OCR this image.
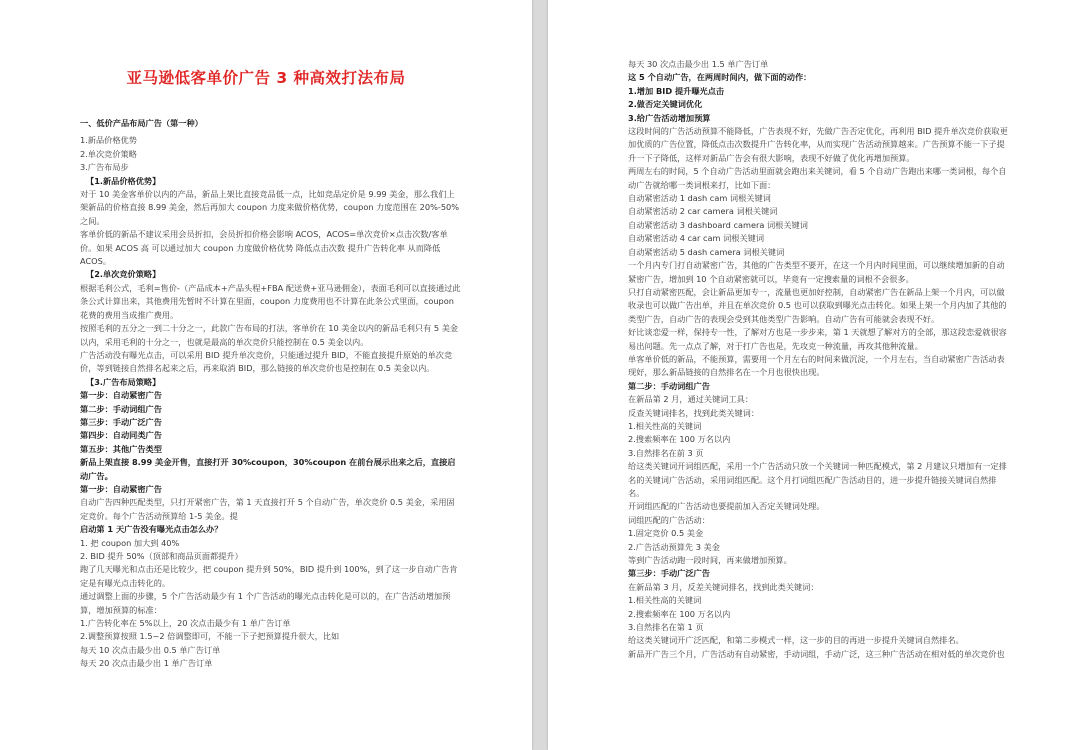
亚马逊低客单价广告 3 种高效打法布局
一、低价产品布局广告（第一种）
1.新品价格优势
2.单次竞价策略
3.广告布局步
【1.新品价格优势】
对于 10 美金客单价以内的产品，新品上架比直接竞品低一点，比如竞品定价是 9.99 美金，那么我们上架新品的价格直接 8.99 美金，然后再加大 coupon 力度来做价格优势，coupon 力度范围在 20%-50%之间。
客单价低的新品不建议采用会员折扣，会员折扣价格会影响 ACOS，ACOS=单次竞价×点击次数/客单价。如果 ACOS 高 可以通过加大 coupon 力度做价格优势 降低点击次数 提升广告转化率 从而降低 ACOS。
【2.单次竞价策略】
根据毛利公式，毛利=售价-（产品成本+产品头程+FBA 配送费+亚马逊佣金），表面毛利可以直接通过此条公式计算出来，其他费用先暂时不计算在里面，coupon 力度费用也不计算在此条公式里面，coupon 花费的费用当成推广费用。
按照毛利的五分之一到二十分之一，此款广告布局的打法，客单价在 10 美金以内的新品毛利只有 5 美金以内，采用毛利的十分之一，也就是最高的单次竞价只能控制在 0.5 美金以内。
广告活动没有曝光点击，可以采用 BID 提升单次竞价，只能通过提升 BID，不能直接提升原始的单次竞价，等到链接自然排名起来之后，再来取消 BID，那么链接的单次竞价也是控制在 0.5 美金以内。
【3.广告布局策略】
第一步：自动紧密广告
第二步：手动词组广告
第三步：手动广泛广告
第四步：自动同类广告
第五步：其他广告类型
新品上架直接 8.99 美金开售，直接打开 30%coupon，30%coupon 在前台展示出来之后，直接启动广告。
第一步：自动紧密广告
自动广告四种匹配类型，只打开紧密广告，第 1 天直接打开 5 个自动广告，单次竞价 0.5 美金，采用固定竞价。每个广告活动预算给 1-5 美金。提
启动第 1 天广告没有曝光点击怎么办？
1. 把 coupon 加大到 40%
2. BID 提升 50%（顶部和商品页面都提升）
跑了几天曝光和点击还是比较少，把 coupon 提升到 50%，BID 提升到 100%，到了这一步自动广告肯定是有曝光点击转化的。
通过调整上面的步骤，5 个广告活动最少有 1 个广告活动的曝光点击转化是可以的，在广告活动增加预算，增加预算的标准：
1.广告转化率在 5%以上，20 次点击最少有 1 单广告订单
2.调整预算按照 1.5~2 倍调整即可，不能一下子把预算提升很大，比如
每天 10 次点击最少出 0.5 单广告订单
每天 20 次点击最少出 1 单广告订单
每天 30 次点击最少出 1.5 单广告订单
这 5 个自动广告，在两周时间内，做下面的动作：
1.增加 BID 提升曝光点击
2.做否定关键词优化
3.给广告活动增加预算
这段时间的广告活动预算不能降低，广告表现不好，先做广告否定优化，再利用 BID 提升单次竞价获取更加优质的广告位置，降低点击次数提升广告转化率，从而实现广告活动预算越来。广告预算不能一下子提升一下子降低，这样对新品广告会有很大影响，表现不好做了优化再增加预算。
两周左右的时间，5 个自动广告活动里面就会跑出来关键词，看 5 个自动广告跑出来哪一类词根，每个自动广告就给哪一类词根来打，比如下面：
自动紧密活动 1 dash cam 词根关键词
自动紧密活动 2 car camera 词根关键词
自动紧密活动 3 dashboard camera 词根关键词
自动紧密活动 4 car cam 词根关键词
自动紧密活动 5 dash camera 词根关键词
一个月内专门打自动紧密广告，其他的广告类型不要开，在这一个月内时间里面，可以继续增加新的自动紧密广告，增加到 10 个自动紧密就可以，毕竟有一定搜索量的词根不会很多。
只打自动紧密匹配，会让新品更加专一，流量也更加好控制，自动紧密广告在新品上架一个月内，可以做收录也可以做广告出单，并且在单次竞价 0.5 也可以获取到曝光点击转化。如果上架一个月内加了其他的类型广告，自动广告的表现会受到其他类型广告影响。自动广告有可能就会表现不好。
好比谈恋爱一样，保持专一性，了解对方也是一步步来，第 1 天就想了解对方的全部，那这段恋爱就很容易出问题。先一点点了解，对于打广告也是，先攻克一种流量，再攻其他种流量。
单客单价低的新品，不能预算，需要用一个月左右的时间来做沉淀，一个月左右，当自动紧密广告活动表现好，那么新品链接的自然排名在一个月也很快出现。
第二步：手动词组广告
在新品第 2 月，通过关键词工具：
反查关键词排名，找到此类关键词：
1.相关性高的关键词
2.搜索频率在 100 万名以内
3.自然排名在前 3 页
给这类关键词开词组匹配，采用一个广告活动只放一个关键词一种匹配模式，第 2 月建议只增加有一定排名的关键词广告活动，采用词组匹配。这个月打词组匹配广告活动目的，进一步提升链接关键词自然排名。
开词组匹配的广告活动也要提前加入否定关键词处理。
词组匹配的广告活动：
1.固定竞价 0.5 美金
2.广告活动预算先 3 美金
等到广告活动跑一段时间，再来做增加预算。
第三步：手动广泛广告
在新品第 3 月，反差关键词排名，找到此类关键词：
1.相关性高的关键词
2.搜索频率在 100 万名以内
3.自然排名在第 1 页
给这类关键词开广泛匹配，和第二步模式一样，这一步的目的再进一步提升关键词自然排名。
新品开广告三个月，广告活动有自动紧密，手动词组，手动广泛，这三种广告活动在相对低的单次竞价也
